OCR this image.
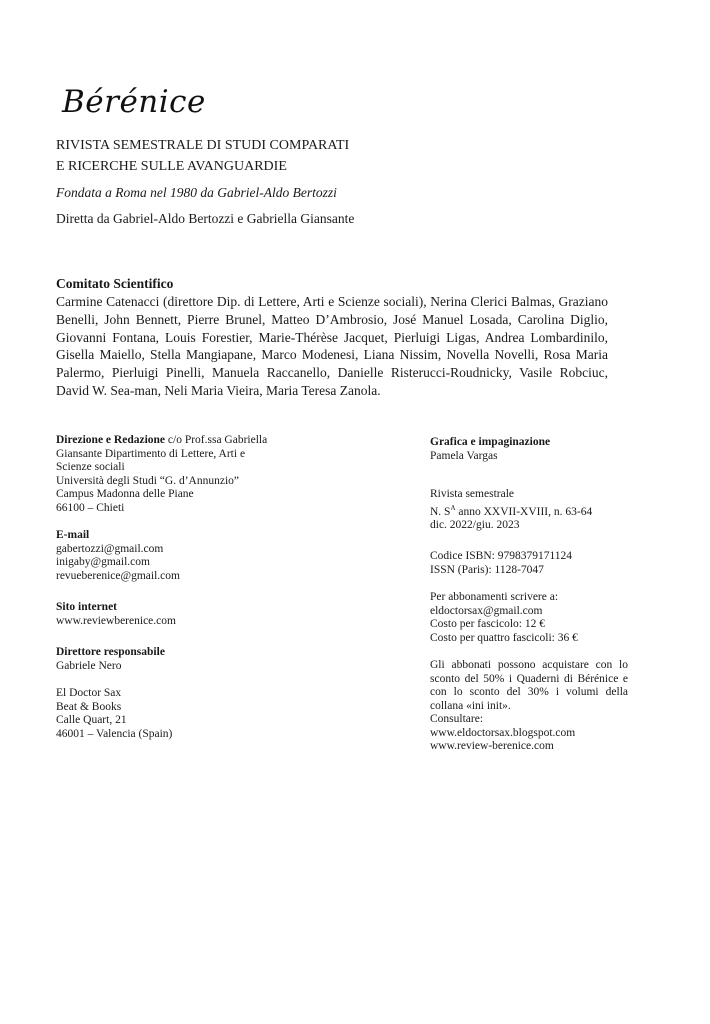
Bérénice
RIVISTA SEMESTRALE DI STUDI COMPARATI
E RICERCHE SULLE AVANGUARDIE
Fondata a Roma nel 1980 da Gabriel-Aldo Bertozzi
Diretta da Gabriel-Aldo Bertozzi e Gabriella Giansante
Comitato Scientifico

Carmine Catenacci (direttore Dip. di Lettere, Arti e Scienze sociali), Nerina Clerici Balmas, Graziano Benelli, John Bennett, Pierre Brunel, Matteo D’Ambrosio, José Manuel Losada, Carolina Diglio, Giovanni Fontana, Louis Forestier, Marie-Thérèse Jacquet, Pierluigi Ligas, Andrea Lombardinilo, Gisella Maiello, Stella Mangiapane, Marco Modenesi, Liana Nissim, Novella Novelli, Rosa Maria Palermo, Pierluigi Pinelli, Manuela Raccanello, Danielle Risterucci-Roudnicky, Vasile Robciuc, David W. Sea-man, Neli Maria Vieira, Maria Teresa Zanola.

Direzione e Redazione c/o Prof.ssa Gabriella
Giansante Dipartimento di Lettere, Arti e
Scienze sociali
Università degli Studi “G. d’Annunzio”
Campus Madonna delle Piane
66100 – Chieti
E-mail
gabertozzi@gmail.com
inigaby@gmail.com
revueberenice@gmail.com
Sito internet
www.reviewberenice.com
Direttore responsabile
Gabriele Nero
El Doctor Sax
Beat & Books
Calle Quart, 21
46001 – Valencia (Spain)
Grafica e impaginazione
Pamela Vargas
Rivista semestrale
N. $S^A$ anno XXVII-XVIII, n. 63-64
dic. 2022/giu. 2023
Codice ISBN: 9798379171124
ISSN (Paris): 1128-7047
Per abbonamenti scrivere a:
eldoctorsax@gmail.com
Costo per fascicolo: 12 €
Costo per quattro fascicoli: 36 €
Gli abbonati possono acquistare con lo sconto del 50% i Quaderni di Bérénice e con lo sconto del 30% i volumi della collana «ini init».
Consultare:
www.eldoctorsax.blogspot.com
www.review-berenice.com
